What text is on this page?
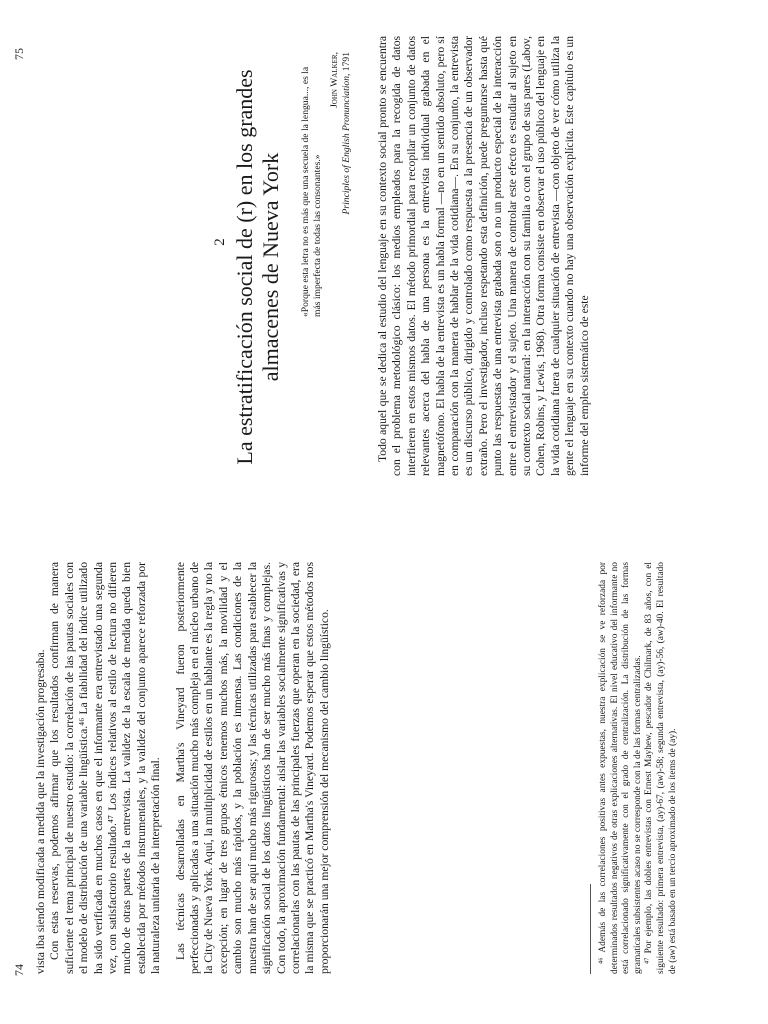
74 vista iba siendo modificada a medida que la investigación progresaba. Con estas reservas, podemos afirmar que los resultados confirman de manera suficiente el tema principal de nuestro estudio: la correlación de las pautas sociales con el modelo de distribución de una variable lingüística.⁴⁶ La fiabilidad del índice utilizado ha sido verificada en muchos casos en que el informante era entrevistado una segunda vez, con satisfactorio resultado.⁴⁷ Los índices relativos al estilo de lectura no difieren mucho de otras partes de la entrevista. La validez de la escala de medida queda bien establecida por métodos instrumentales, y la validez del conjunto aparece reforzada por la naturaleza unitaria de la interpretación final. Las técnicas desarrolladas en Martha's Vineyard fueron posteriormente perfeccionadas y aplicadas a una situación mucho más compleja en el núcleo urbano de la City de Nueva York. Aquí, la multiplicidad de estilos en un hablante es la regla y no la excepción; en lugar de tres grupos étnicos tenemos muchos más, la movilidad y el cambio son mucho más rápidos, y la población es inmensa. Las condiciones de la muestra han de ser aquí mucho más rigurosas; y las técnicas utilizadas para establecer la significación social de los datos lingüísticos han de ser mucho más finas y complejas. Con todo, la aproximación fundamental: aislar las variables socialmente significativas y correlacionarlas con las pautas de las principales fuerzas que operan en la sociedad, era la misma que se practicó en Martha's Vineyard. Podemos esperar que estos métodos nos proporcionarán una mejor comprensión del mecanismo del cambio lingüístico.	⁴⁶ Además de las correlaciones positivas antes expuestas, nuestra explicación se ve reforzada por determinados resultados negativos de otras explicaciones alternativas. El nivel educativo del informante no está correlacionado significativamente con el grado de centralización. La distribución de las formas gramaticales subsistentes acaso no se corresponde con la de las formas centralizadas. ⁴⁷ Por ejemplo, las dobles entrevistas con Ernest Mayhew, pescador de Chilmark, de 83 años, con el siguiente resultado: primera entrevista, (ay)-67, (aw)-58; segunda entrevista, (ay)-56, (aw)-40. El resultado de (aw) está basado en un tercio aproximado de los ítems de (ay).

75
2 La estratificación social de (r) en los grandes almacenes de Nueva York «Porque esta letra no es más que una secuela de la lengua..., es la más imperfecta de todas las consonantes.»
John Walker,
Principles of English Pronunciation, 1791 Todo aquel que se dedica al estudio del lenguaje en su contexto social pronto se encuentra con el problema metodológico clásico: los medios empleados para la recogida de datos interfieren en estos mismos datos. El método primordial para recopilar un conjunto de datos relevantes acerca del habla de una persona es la entrevista individual grabada en el magnetófono. El habla de la entrevista es un habla formal —no en un sentido absoluto, pero sí en comparación con la manera de hablar de la vida cotidiana—. En su conjunto, la entrevista es un discurso público, dirigido y controlado como respuesta a la presencia de un observador extraño. Pero el investigador, incluso respetando esta definición, puede preguntarse hasta qué punto las respuestas de una entrevista grabada son o no un producto especial de la interacción entre el entrevistador y el sujeto. Una manera de controlar este efecto es estudiar al sujeto en su contexto social natural: en la interacción con su familia o con el grupo de sus pares (Labov, Cohen, Robins, y Lewis, 1968). Otra forma consiste en observar el uso público del lenguaje en la vida cotidiana fuera de cualquier situación de entrevista —con objeto de ver cómo utiliza la gente el lenguaje en su contexto cuando no hay una observación explícita. Este capítulo es un informe del empleo sistemático de este
